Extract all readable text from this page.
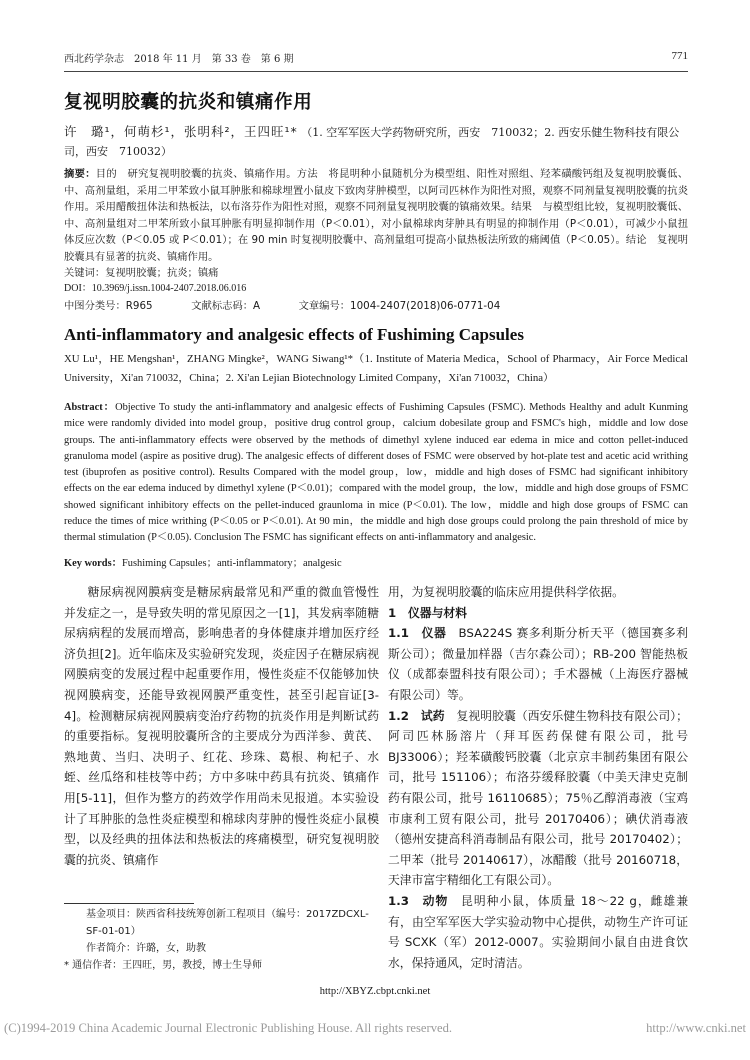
西北药学杂志　2018 年 11 月　第 33 卷　第 6 期	771
复视明胶囊的抗炎和镇痛作用
许　璐¹，何萌杉¹，张明科²，王四旺¹* （1. 空军军医大学药物研究所，西安　710032；2. 西安乐健生物科技有限公司，西安　710032）
摘要：目的　研究复视明胶囊的抗炎、镇痛作用。方法　将昆明种小鼠随机分为模型组、阳性对照组、羟苯磺酸钙组及复视明胶囊低、中、高剂量组，采用二甲苯致小鼠耳肿胀和棉球埋置小鼠皮下致肉芽肿模型，以阿司匹林作为阳性对照，观察不同剂量复视明胶囊的抗炎作用。采用醋酸扭体法和热板法，以布洛芬作为阳性对照，观察不同剂量复视明胶囊的镇痛效果。结果　与模型组比较，复视明胶囊低、中、高剂量组对二甲苯所致小鼠耳肿胀有明显抑制作用（P＜0.01），对小鼠棉球肉芽肿具有明显的抑制作用（P＜0.01），可减少小鼠扭体反应次数（P＜0.05 或 P＜0.01）；在 90 min 时复视明胶囊中、高剂量组可提高小鼠热板法所致的痛阈值（P＜0.05）。结论　复视明胶囊具有显著的抗炎、镇痛作用。
关键词：复视明胶囊；抗炎；镇痛
DOI：10.3969/j.issn.1004-2407.2018.06.016
中图分类号：R965	文献标志码：A	文章编号：1004-2407(2018)06-0771-04
Anti-inflammatory and analgesic effects of Fushiming Capsules
XU Lu¹，HE Mengshan¹，ZHANG Mingke²，WANG Siwang¹*（1. Institute of Materia Medica，School of Pharmacy，Air Force Medical University，Xi'an 710032，China；2. Xi'an Lejian Biotechnology Limited Company，Xi'an 710032，China）
Abstract：Objective To study the anti-inflammatory and analgesic effects of Fushiming Capsules (FSMC). Methods Healthy and adult Kunming mice were randomly divided into model group，positive drug control group，calcium dobesilate group and FSMC's high，middle and low dose groups. The anti-inflammatory effects were observed by the methods of dimethyl xylene induced ear edema in mice and cotton pellet-induced granuloma model (aspire as positive drug). The analgesic effects of different doses of FSMC were observed by hot-plate test and acetic acid writhing test (ibuprofen as positive control). Results Compared with the model group，low，middle and high doses of FSMC had significant inhibitory effects on the ear edema induced by dimethyl xylene (P＜0.01)；compared with the model group，the low，middle and high dose groups of FSMC showed significant inhibitory effects on the pellet-induced graunloma in mice (P＜0.01). The low，middle and high dose groups of FSMC can reduce the times of mice writhing (P＜0.05 or P＜0.01). At 90 min，the middle and high dose groups could prolong the pain threshold of mice by thermal stimulation (P＜0.05). Conclusion The FSMC has significant effects on anti-inflammatory and analgesic.
Key words：Fushiming Capsules；anti-inflammatory；analgesic

糖尿病视网膜病变是糖尿病最常见和严重的微血管慢性并发症之一，是导致失明的常见原因之一[1]，其发病率随糖尿病病程的发展而增高，影响患者的身体健康并增加医疗经济负担[2]。近年临床及实验研究发现，炎症因子在糖尿病视网膜病变的发展过程中起重要作用，慢性炎症不仅能够加快视网膜病变，还能导致视网膜严重变性，甚至引起盲证[3-4]。检测糖尿病视网膜病变治疗药物的抗炎作用是判断试药的重要指标。复视明胶囊所含的主要成分为西洋参、黄芪、熟地黄、当归、决明子、红花、珍珠、葛根、枸杞子、水蛭、丝瓜络和桂枝等中药；方中多味中药具有抗炎、镇痛作用[5-11]，但作为整方的药效学作用尚未见报道。本实验设计了耳肿胀的急性炎症模型和棉球肉芽肿的慢性炎症小鼠模型，以及经典的扭体法和热板法的疼痛模型，研究复视明胶囊的抗炎、镇痛作

用，为复视明胶囊的临床应用提供科学依据。

1　仪器与材料

1.1　仪器　 BSA224S 赛多利斯分析天平（德国赛多利斯公司）；微量加样器（吉尔森公司）；RB-200 智能热板仪（成都泰盟科技有限公司）；手术器械（上海医疗器械有限公司）等。

1.2　试药　 复视明胶囊（西安乐健生物科技有限公司）；阿司匹林肠溶片（拜耳医药保健有限公司，批号 BJ33006）；羟苯磺酸钙胶囊（北京京丰制药集团有限公司，批号 151106）；布洛芬缓释胶囊（中美天津史克制药有限公司，批号 16110685）；75％乙醇消毒液（宝鸡市康利工贸有限公司，批号 20170406）；碘伏消毒液（德州安捷高科消毒制品有限公司，批号 20170402）；二甲苯（批号 20140617），冰醋酸（批号 20160718，天津市富宇精细化工有限公司）。

1.3　动物　 昆明种小鼠，体质量 18～22 g，雌雄兼有，由空军军医大学实验动物中心提供，动物生产许可证号 SCXK（军）2012-0007。实验期间小鼠自由进食饮水，保持通风，定时清洁。

基金项目：陕西省科技统筹创新工程项目（编号：2017ZDCXL-SF-01-01）

作者简介：许璐，女，助教

* 通信作者：王四旺，男，教授，博士生导师

http://XBYZ.cbpt.cnki.net
(C)1994-2019 China Academic Journal Electronic Publishing House. All rights reserved.	http://www.cnki.net
